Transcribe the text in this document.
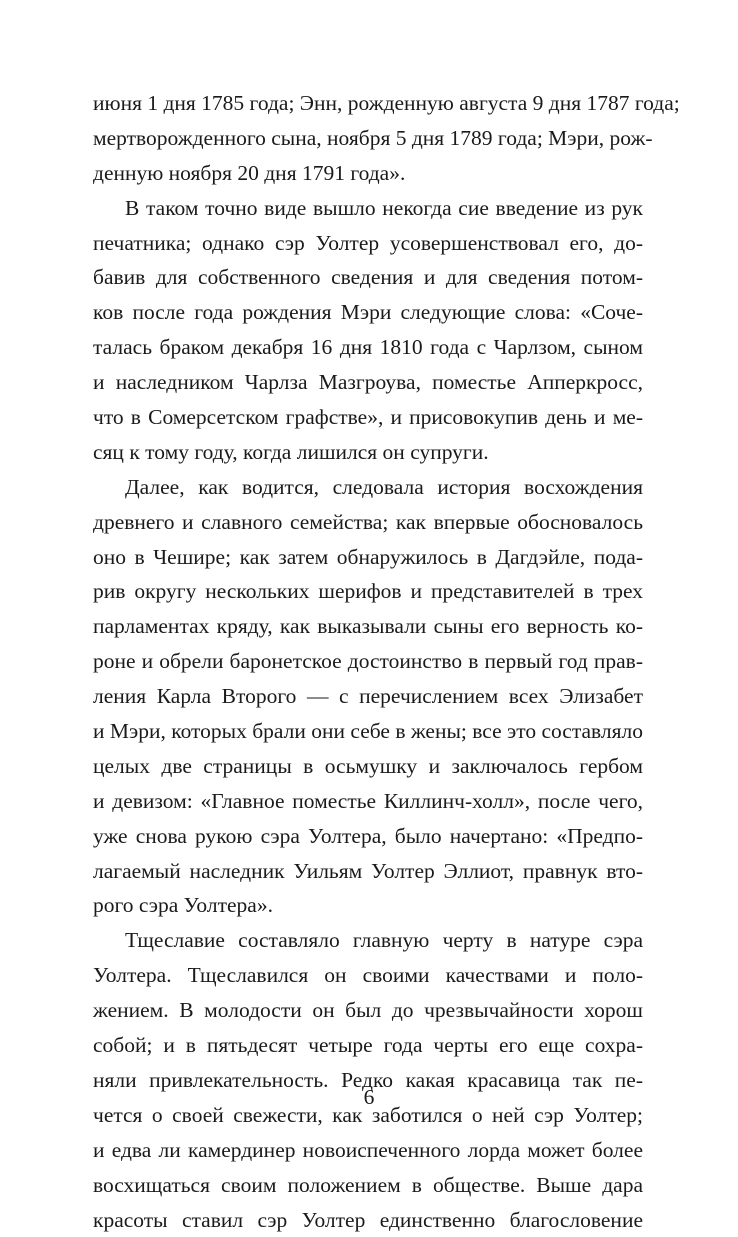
июня 1 дня 1785 года; Энн, рожденную августа 9 дня 1787 года;
мертворожденного сына, ноября 5 дня 1789 года; Мэри, рож-
денную ноября 20 дня 1791 года».
В таком точно виде вышло некогда сие введение из рук
печатника; однако сэр Уолтер усовершенствовал его, до-
бавив для собственного сведения и для сведения потом-
ков после года рождения Мэри следующие слова: «Соче-
талась браком декабря 16 дня 1810 года с Чарлзом, сыном
и наследником Чарлза Мазгроува, поместье Апперкросс,
что в Сомерсетском графстве», и присовокупив день и ме-
сяц к тому году, когда лишился он супруги.
Далее, как водится, следовала история восхождения
древнего и славного семейства; как впервые обосновалось
оно в Чешире; как затем обнаружилось в Дагдэйле, пода-
рив округу нескольких шерифов и представителей в трех
парламентах кряду, как выказывали сыны его верность ко-
роне и обрели баронетское достоинство в первый год прав-
ления Карла Второго — с перечислением всех Элизабет
и Мэри, которых брали они себе в жены; все это составляло
целых две страницы в осьмушку и заключалось гербом
и девизом: «Главное поместье Киллинч-холл», после чего,
уже снова рукою сэра Уолтера, было начертано: «Предпо-
лагаемый наследник Уильям Уолтер Эллиот, правнук вто-
рого сэра Уолтера».
Тщеславие составляло главную черту в натуре сэра
Уолтера. Тщеславился он своими качествами и поло-
жением. В молодости он был до чрезвычайности хорош
собой; и в пятьдесят четыре года черты его еще сохра-
няли привлекательность. Редко какая красавица так пе-
чется о своей свежести, как заботился о ней сэр Уолтер;
и едва ли камердинер новоиспеченного лорда может более
восхищаться своим положением в обществе. Выше дара
красоты ставил сэр Уолтер единственно благословение
6
